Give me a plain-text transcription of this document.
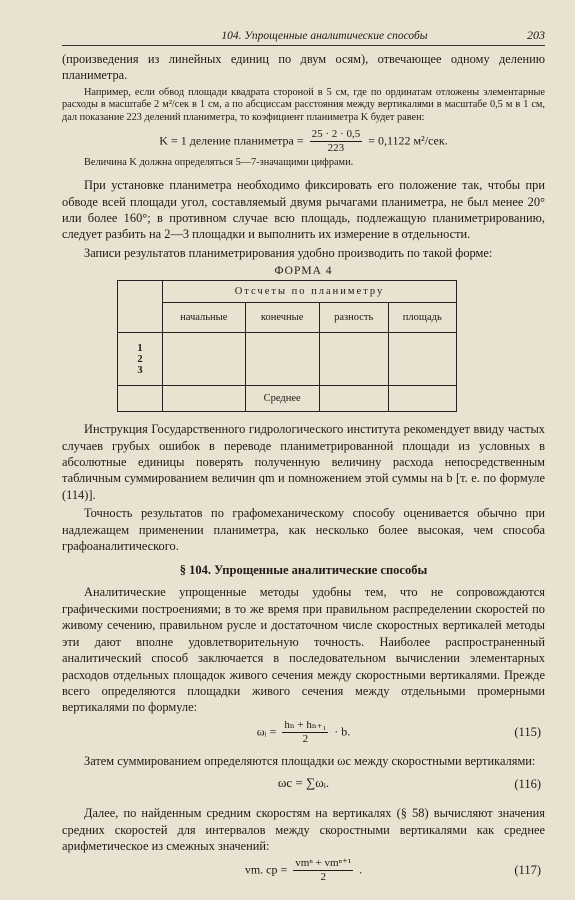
104. Упрощенные аналитические способы	203

(произведения из линейных единиц по двум осям), отвечающее одному делению планиметра.

Например, если обвод площади квадрата стороной в 5 см, где по ординатам отложены элементарные расходы в масштабе 2 м²/сек в 1 см, а по абсциссам расстояния между вертикалями в масштабе 0,5 м в 1 см, дал показание 223 делений планиметра, то коэфициент планиметра K будет равен:

K = 1 деление планиметра = $\frac{25 \cdot 2 \cdot 0,5}{223} = 0,1122$ м²/сек.

Величина K должна определяться 5—7-значащими цифрами.

При установке планиметра необходимо фиксировать его положение так, чтобы при обводе всей площади угол, составляемый двумя рычагами планиметра, не был менее 20° или более 160°; в противном случае всю площадь, подлежащую планиметрированию, следует разбить на 2—3 площадки и выполнить их измерение в отдельности.

Записи результатов планиметрирования удобно производить по такой форме:

ФОРМА 4
	Отсчеты по планиметру			
	начальные	конечные	разность	площадь

1
2
3				

		Среднее		

Инструкция Государственного гидрологического института рекомендует ввиду частых случаев грубых ошибок в переводе планиметрированной площади из условных в абсолютные единицы поверять полученную величину расхода непосредственным табличным суммированием величин qm и помножением этой суммы на b [т. е. по формуле (114)].

Точность результатов по графомеханическому способу оценивается обычно при надлежащем применении планиметра, как несколько более высокая, чем способа графоаналитического.

§ 104. Упрощенные аналитические способы

Аналитические упрощенные методы удобны тем, что не сопровождаются графическими построениями; в то же время при правильном распределении скоростей по живому сечению, правильном русле и достаточном числе скоростных вертикалей методы эти дают вполне удовлетворительную точность. Наиболее распространенный аналитический способ заключается в последовательном вычислении элементарных расходов отдельных площадок живого сечения между скоростными вертикалями. Прежде всего определяются площадки живого сечения между отдельными промерными вертикалями по формуле:

ωᵢ = $\frac{\text{hₙ + hₙ₊₁}}{2} \cdot b$.	(115)

Затем суммированием определяются площадки ωc между скоростными вертикалями:

ωc = ∑ωᵢ.	(116)

Далее, по найденным средним скоростям на вертикалях (§ 58) вычисляют значения средних скоростей для интервалов между скоростными вертикалями как среднее арифметическое из смежных значений:

vm. cp = $\frac{\text{vmⁿ + vmⁿ⁺¹}}{2}$ .	(117)
